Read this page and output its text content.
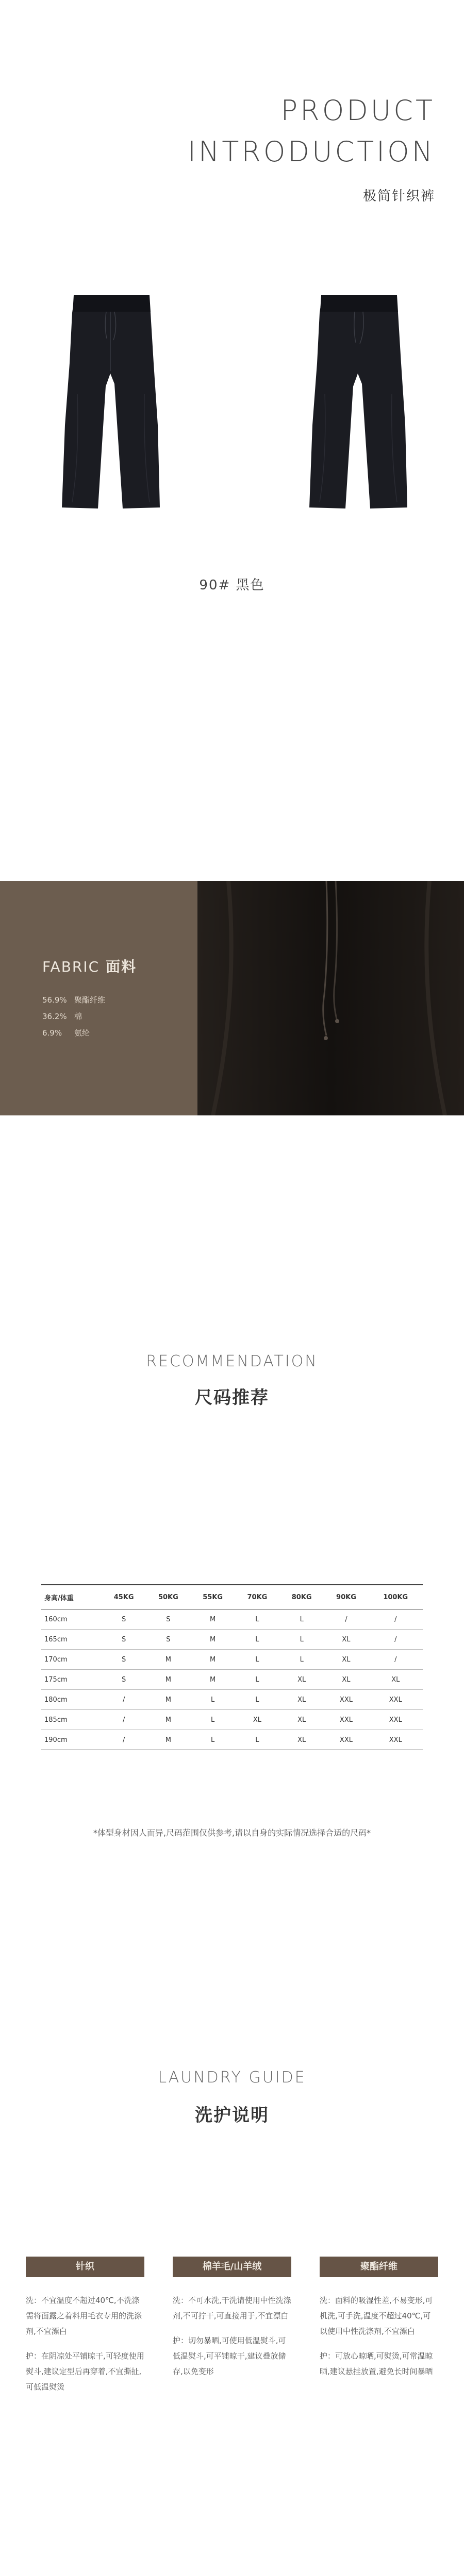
PRODUCT
INTRODUCTION
极简针织裤
90# 黑色
FABRIC 面料
56.9% 聚酯纤维
36.2% 棉
6.9% 氨纶
RECOMMENDATION
尺码推荐
身高/体重	45KG	50KG	55KG	70KG	80KG	90KG	100KG
160cm	S	S	M	L	L	/	/
165cm	S	S	M	L	L	XL	/
170cm	S	M	M	L	L	XL	/
175cm	S	M	M	L	XL	XL	XL
180cm	/	M	L	L	XL	XXL	XXL
185cm	/	M	L	XL	XL	XXL	XXL
190cm	/	M	L	L	XL	XXL	XXL
*体型身材因人而异,尺码范围仅供参考,请以自身的实际情况选择合适的尺码*
LAUNDRY GUIDE
洗护说明
针织

洗：不宜温度不超过40℃,不洗涤需将面露之着料用毛衣专用的洗涤剂,不宜漂白

护：在阴凉处平铺晾干,可轻度使用熨斗,建议定型后再穿着,不宜撕扯,可低温熨烫

棉羊毛/山羊绒

洗：不可水洗,干洗请使用中性洗涤剂,不可拧干,可直接用于,不宜漂白

护：切勿暴晒,可使用低温熨斗,可低温熨斗,可平铺晾干,建议叠放储存,以免变形

聚酯纤维

洗：面料的吸湿性差,不易变形,可机洗,可手洗,温度不超过40℃,可以使用中性洗涤剂,不宜漂白

护：可放心晾晒,可熨烫,可常温晾晒,建议悬挂放置,避免长时间暴晒
